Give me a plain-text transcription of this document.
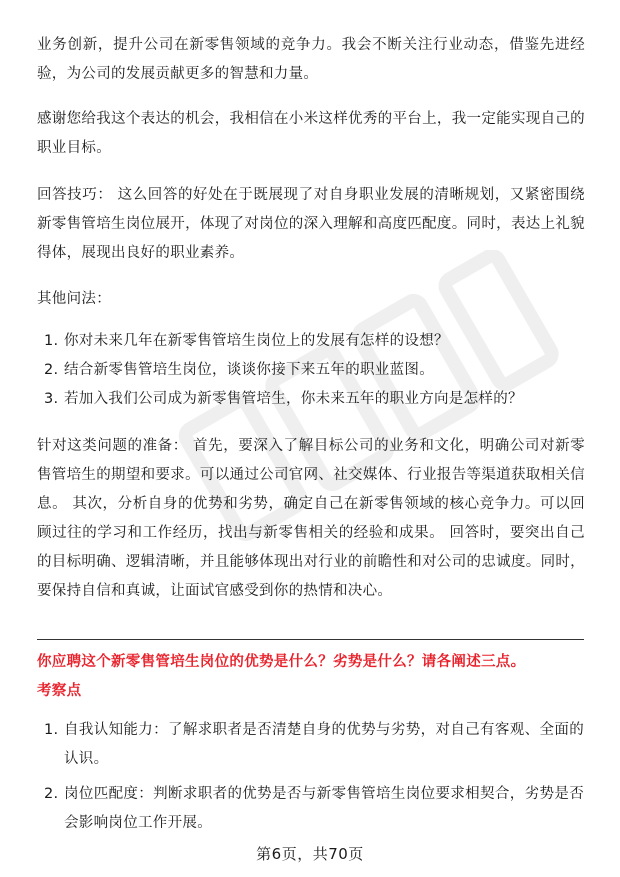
业务创新，提升公司在新零售领域的竞争力。我会不断关注行业动态，借鉴先进经验，为公司的发展贡献更多的智慧和力量。
感谢您给我这个表达的机会，我相信在小米这样优秀的平台上，我一定能实现自己的职业目标。
回答技巧： 这么回答的好处在于既展现了对自身职业发展的清晰规划，又紧密围绕新零售管培生岗位展开，体现了对岗位的深入理解和高度匹配度。同时，表达上礼貌得体，展现出良好的职业素养。
其他问法：
1. 你对未来几年在新零售管培生岗位上的发展有怎样的设想？
2. 结合新零售管培生岗位，谈谈你接下来五年的职业蓝图。
3. 若加入我们公司成为新零售管培生，你未来五年的职业方向是怎样的？
针对这类问题的准备： 首先，要深入了解目标公司的业务和文化，明确公司对新零售管培生的期望和要求。可以通过公司官网、社交媒体、行业报告等渠道获取相关信息。 其次，分析自身的优势和劣势，确定自己在新零售领域的核心竞争力。可以回顾过往的学习和工作经历，找出与新零售相关的经验和成果。 回答时，要突出自己的目标明确、逻辑清晰，并且能够体现出对行业的前瞻性和对公司的忠诚度。同时，要保持自信和真诚，让面试官感受到你的热情和决心。
你应聘这个新零售管培生岗位的优势是什么？劣势是什么？请各阐述三点。
考察点
1. 自我认知能力：了解求职者是否清楚自身的优势与劣势，对自己有客观、全面的认识。
2. 岗位匹配度：判断求职者的优势是否与新零售管培生岗位要求相契合，劣势是否会影响岗位工作开展。
第6页，共70页
